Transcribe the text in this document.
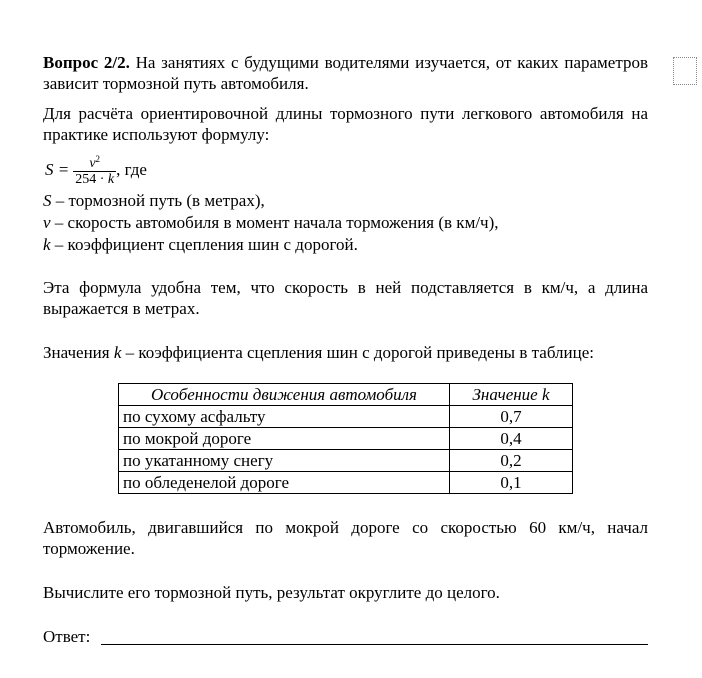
Вопрос 2/2. На занятиях с будущими водителями изучается, от каких параметров зависит тормозной путь автомобиля.
Для расчёта ориентировочной длины тормозного пути легкового автомобиля на практике используют формулу:
$S = \frac{v^2}{254 \cdot k}$ , где
S – тормозной путь (в метрах),
v – скорость автомобиля в момент начала торможения (в км/ч),
k – коэффициент сцепления шин с дорогой.
Эта формула удобна тем, что скорость в ней подставляется в км/ч, а длина выражается в метрах.
Значения k – коэффициента сцепления шин с дорогой приведены в таблице:
Особенности движения автомобиля	Значение k
по сухому асфальту	0,7
по мокрой дороге	0,4
по укатанному снегу	0,2
по обледенелой дороге	0,1
Автомобиль, двигавшийся по мокрой дороге со скоростью 60 км/ч, начал торможение.
Вычислите его тормозной путь, результат округлите до целого.
Ответ:
